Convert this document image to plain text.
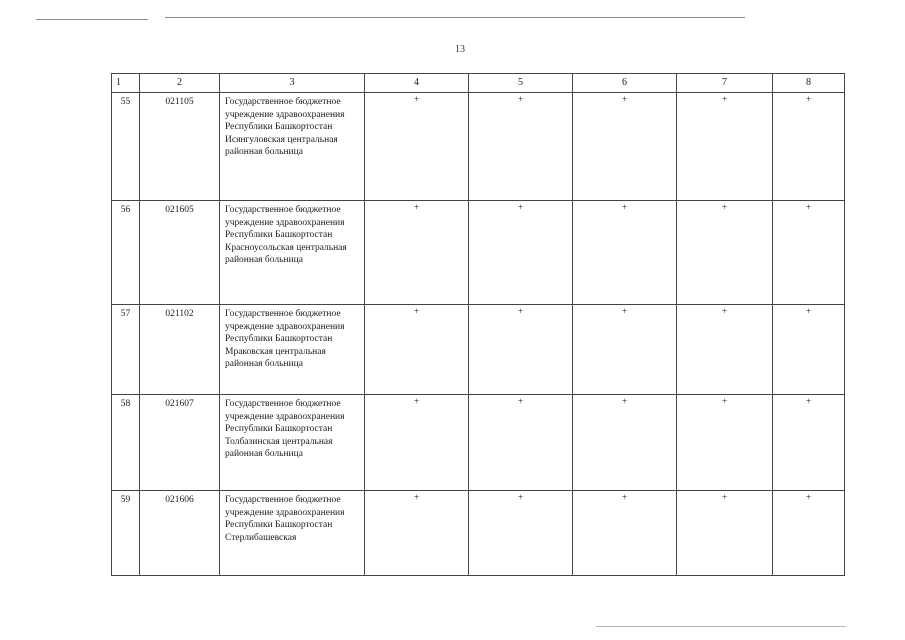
13
1	2	3	4	5	6	7	8
55	021105	Государственное бюджетное учреждение здравоохранения Республики Башкортостан Исянгуловская центральная районная больница	+	+	+	+	+
56	021605	Государственное бюджетное учреждение здравоохранения Республики Башкортостан Красноусольская центральная районная больница	+	+	+	+	+
57	021102	Государственное бюджетное учреждение здравоохранения Республики Башкортостан Мраковская центральная районная больница	+	+	+	+	+
58	021607	Государственное бюджетное учреждение здравоохранения Республики Башкортостан Толбазинская центральная районная больница	+	+	+	+	+
59	021606	Государственное бюджетное учреждение здравоохранения Республики Башкортостан Стерлибашевская	+	+	+	+	+
